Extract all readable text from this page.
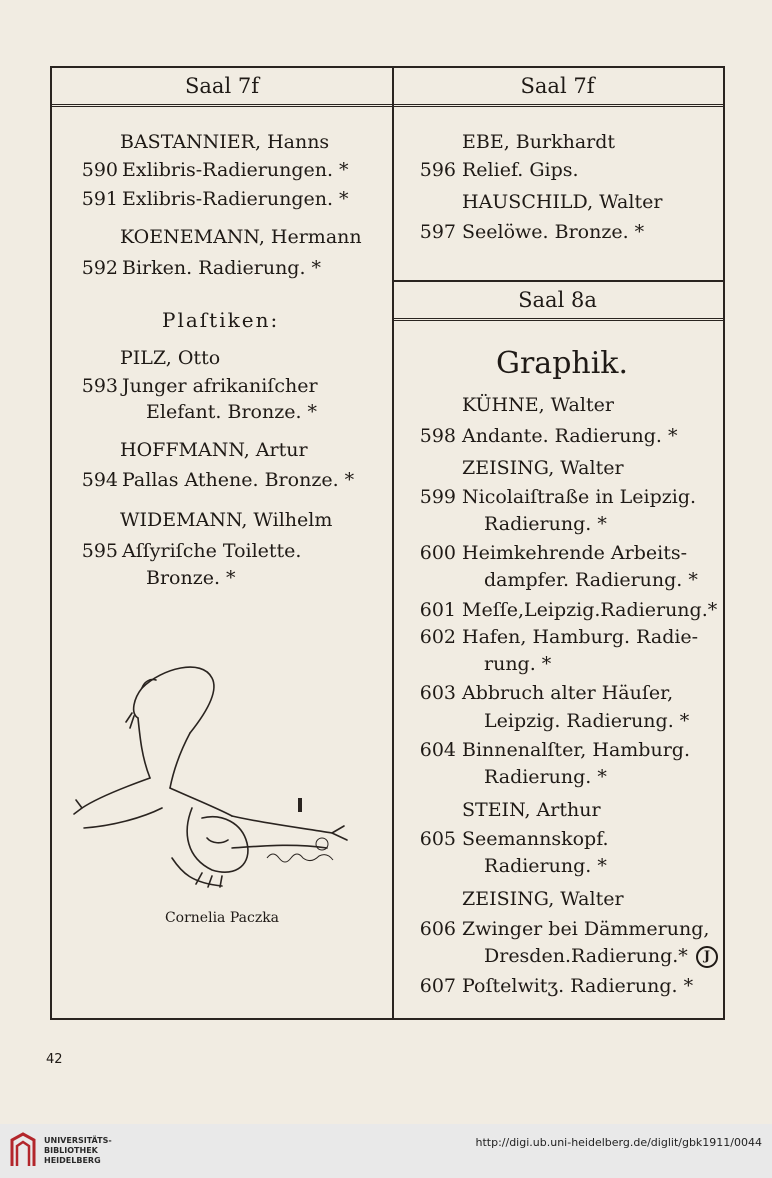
Saal 7f
BASTANNIER, Hanns
590 Exlibris-Radierungen. *
591 Exlibris-Radierungen. *
KOENEMANN, Hermann
592 Birken. Radierung. *
Plaſtiken:
PILZ, Otto
593 Junger afrikaniſcher
Elefant. Bronze. *
HOFFMANN, Artur
594 Pallas Athene. Bronze. *
WIDEMANN, Wilhelm
595 Aſſyriſche Toilette.
Bronze. *
Cornelia Paczka
Saal 7f
EBE, Burkhardt
596 Relief. Gips.
HAUSCHILD, Walter
597 Seelöwe. Bronze. *
Saal 8a
Graphik.
KÜHNE, Walter
598 Andante. Radierung. *
ZEISING, Walter
599 Nicolaiſtraße in Leipzig.
Radierung. *
600 Heimkehrende Arbeits-
dampfer. Radierung. *
601 Meſſe,Leipzig.Radierung.*
602 Hafen, Hamburg. Radie-
rung. *
603 Abbruch alter Häuſer,
Leipzig. Radierung. *
604 Binnenalſter, Hamburg.
Radierung. *
STEIN, Arthur
605 Seemannskopf.
Radierung. *
ZEISING, Walter
606 Zwinger bei Dämmerung,
Dresden.Radierung.*	J
607 Poſtelwitʒ. Radierung. *
42
UNIVERSITÄTS-
BIBLIOTHEK
HEIDELBERG
http://digi.ub.uni-heidelberg.de/diglit/gbk1911/0044
